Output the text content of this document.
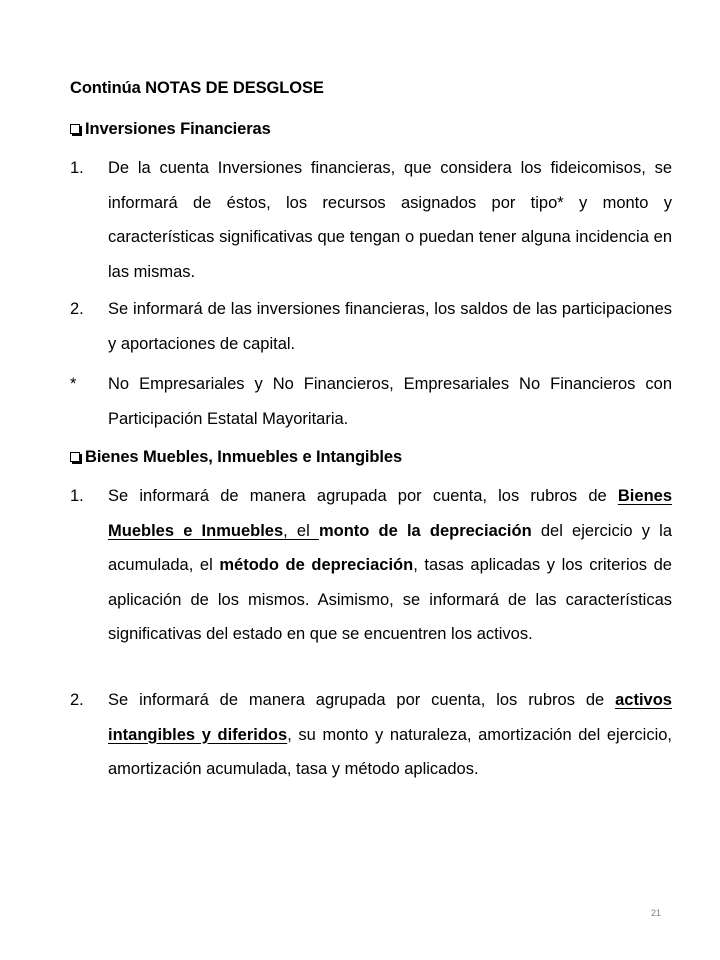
Continúa NOTAS DE DESGLOSE
Inversiones Financieras
1. De la cuenta Inversiones financieras, que considera los fideicomisos, se informará de éstos, los recursos asignados por tipo* y monto y características significativas que tengan o puedan tener alguna incidencia en las mismas.
2. Se informará de las inversiones financieras, los saldos de las participaciones y aportaciones de capital.
* No Empresariales y No Financieros, Empresariales No Financieros con Participación Estatal Mayoritaria.
Bienes Muebles, Inmuebles e Intangibles
1. Se informará de manera agrupada por cuenta, los rubros de Bienes Muebles e Inmuebles, el monto de la depreciación del ejercicio y la acumulada, el método de depreciación, tasas aplicadas y los criterios de aplicación de los mismos. Asimismo, se informará de las características significativas del estado en que se encuentren los activos.
2. Se informará de manera agrupada por cuenta, los rubros de activos intangibles y diferidos, su monto y naturaleza, amortización del ejercicio, amortización acumulada, tasa y método aplicados.
21
